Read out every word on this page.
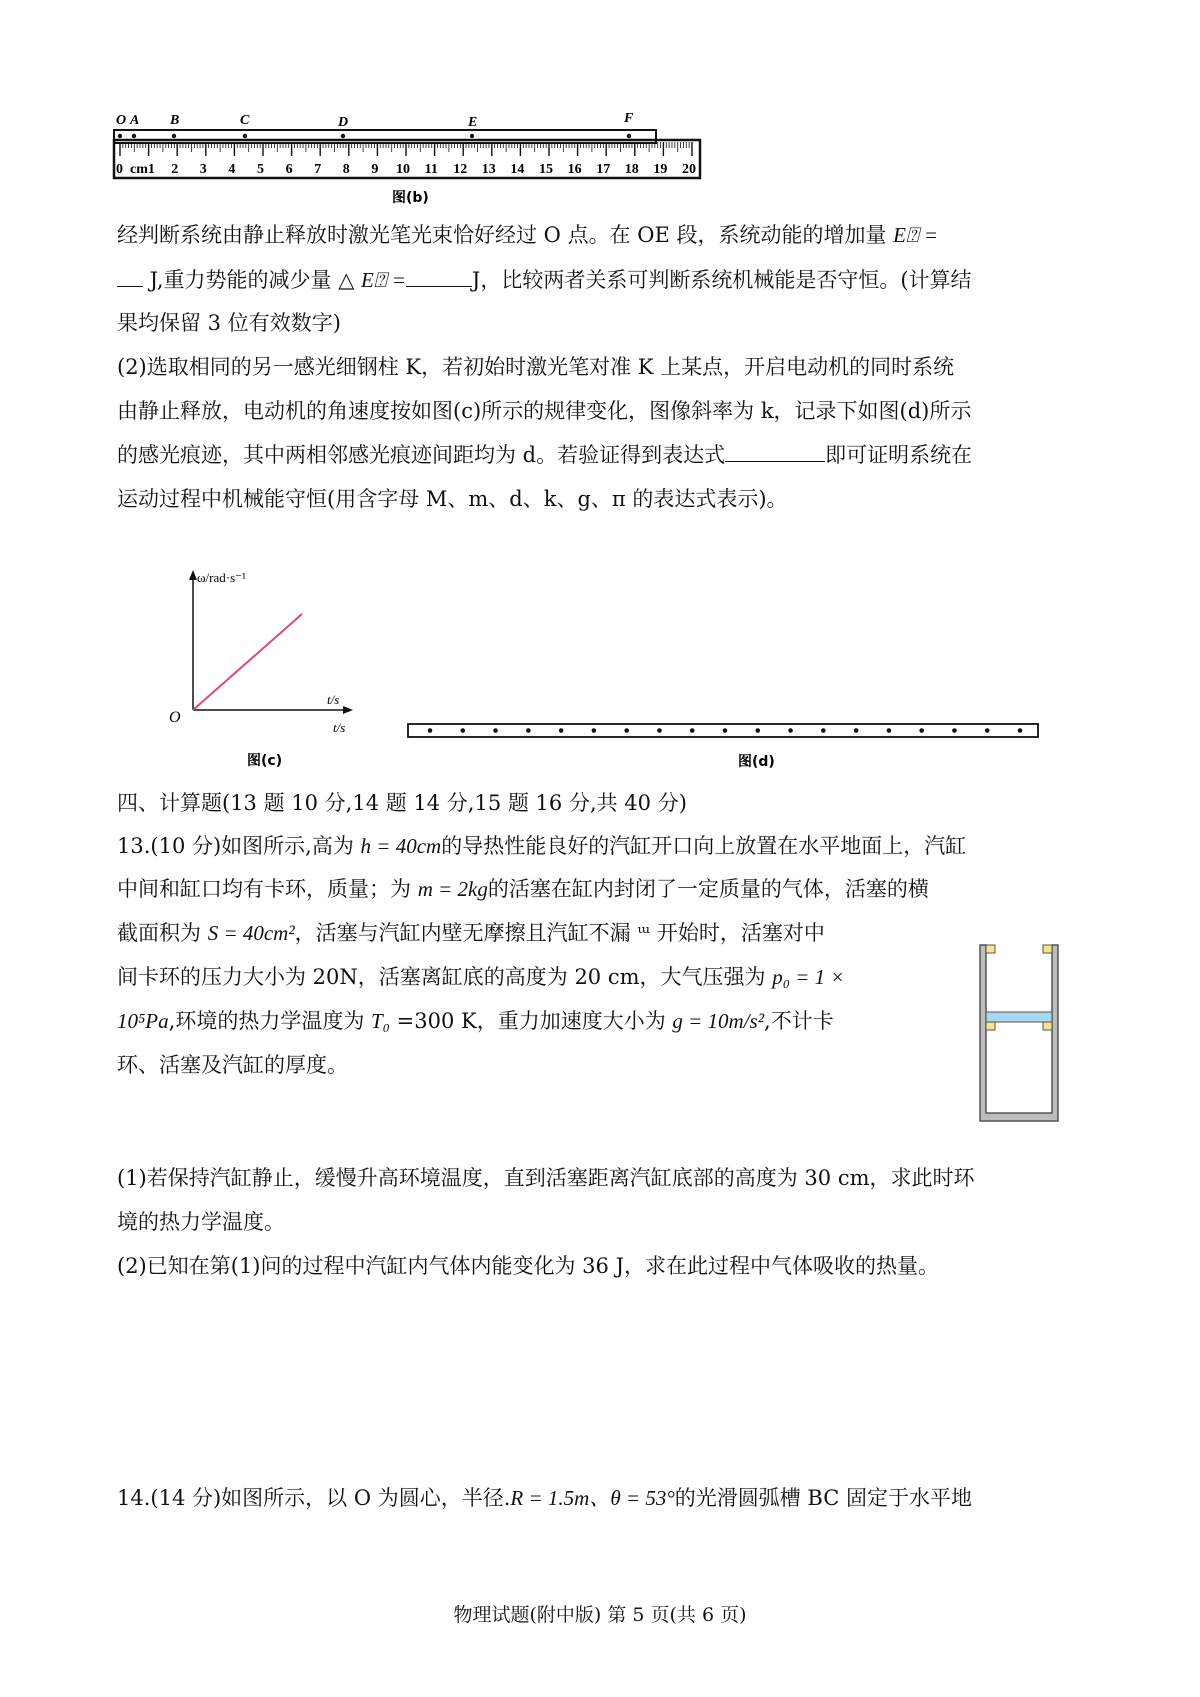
0 cm1 2 3 4 5 6 7 8 9 10 11 12 13 14 15 16 17 18 19 20
O A B	C	D	E	F
图(b)
经判断系统由静止释放时激光笔光束恰好经过 O 点。在 OE 段，系统动能的增加量 E⍰ =
J,重力势能的减少量 △ E⍰ =	J，比较两者关系可判断系统机械能是否守恒。(计算结
果均保留 3 位有效数字)
(2)选取相同的另一感光细钢柱 K，若初始时激光笔对准 K 上某点，开启电动机的同时系统
由静止释放，电动机的角速度按如图(c)所示的规律变化，图像斜率为 k，记录下如图(d)所示
的感光痕迹，其中两相邻感光痕迹间距均为 d。若验证得到表达式	即可证明系统在
运动过程中机械能守恒(用含字母 M、m、d、k、g、π 的表达式表示)。
ω/rad·s⁻¹
t/s
t/s
O
图(c)	图(d)
四、计算题(13 题 10 分,14 题 14 分,15 题 16 分,共 40 分)
13.(10 分)如图所示,高为 h = 40cm的导热性能良好的汽缸开口向上放置在水平地面上，汽缸
中间和缸口均有卡环，质量；为 m = 2kg的活塞在缸内封闭了一定质量的气体，活塞的横
截面积为 S = 40cm²，活塞与汽缸内壁无摩擦且汽缸不漏 ᵚ 开始时，活塞对中
间卡环的压力大小为 20N，活塞离缸底的高度为 20 cm，大气压强为 p₀ = 1 ×
10⁵Pa,环境的热力学温度为 T₀ =300 K，重力加速度大小为 g = 10m/s²,不计卡
环、活塞及汽缸的厚度。
(1)若保持汽缸静止，缓慢升高环境温度，直到活塞距离汽缸底部的高度为 30 cm，求此时环
境的热力学温度。
(2)已知在第(1)问的过程中汽缸内气体内能变化为 36 J，求在此过程中气体吸收的热量。
14.(14 分)如图所示，以 O 为圆心，半径.R = 1.5m、θ = 53°的光滑圆弧槽 BC 固定于水平地
物理试题(附中版) 第 5 页(共 6 页)
